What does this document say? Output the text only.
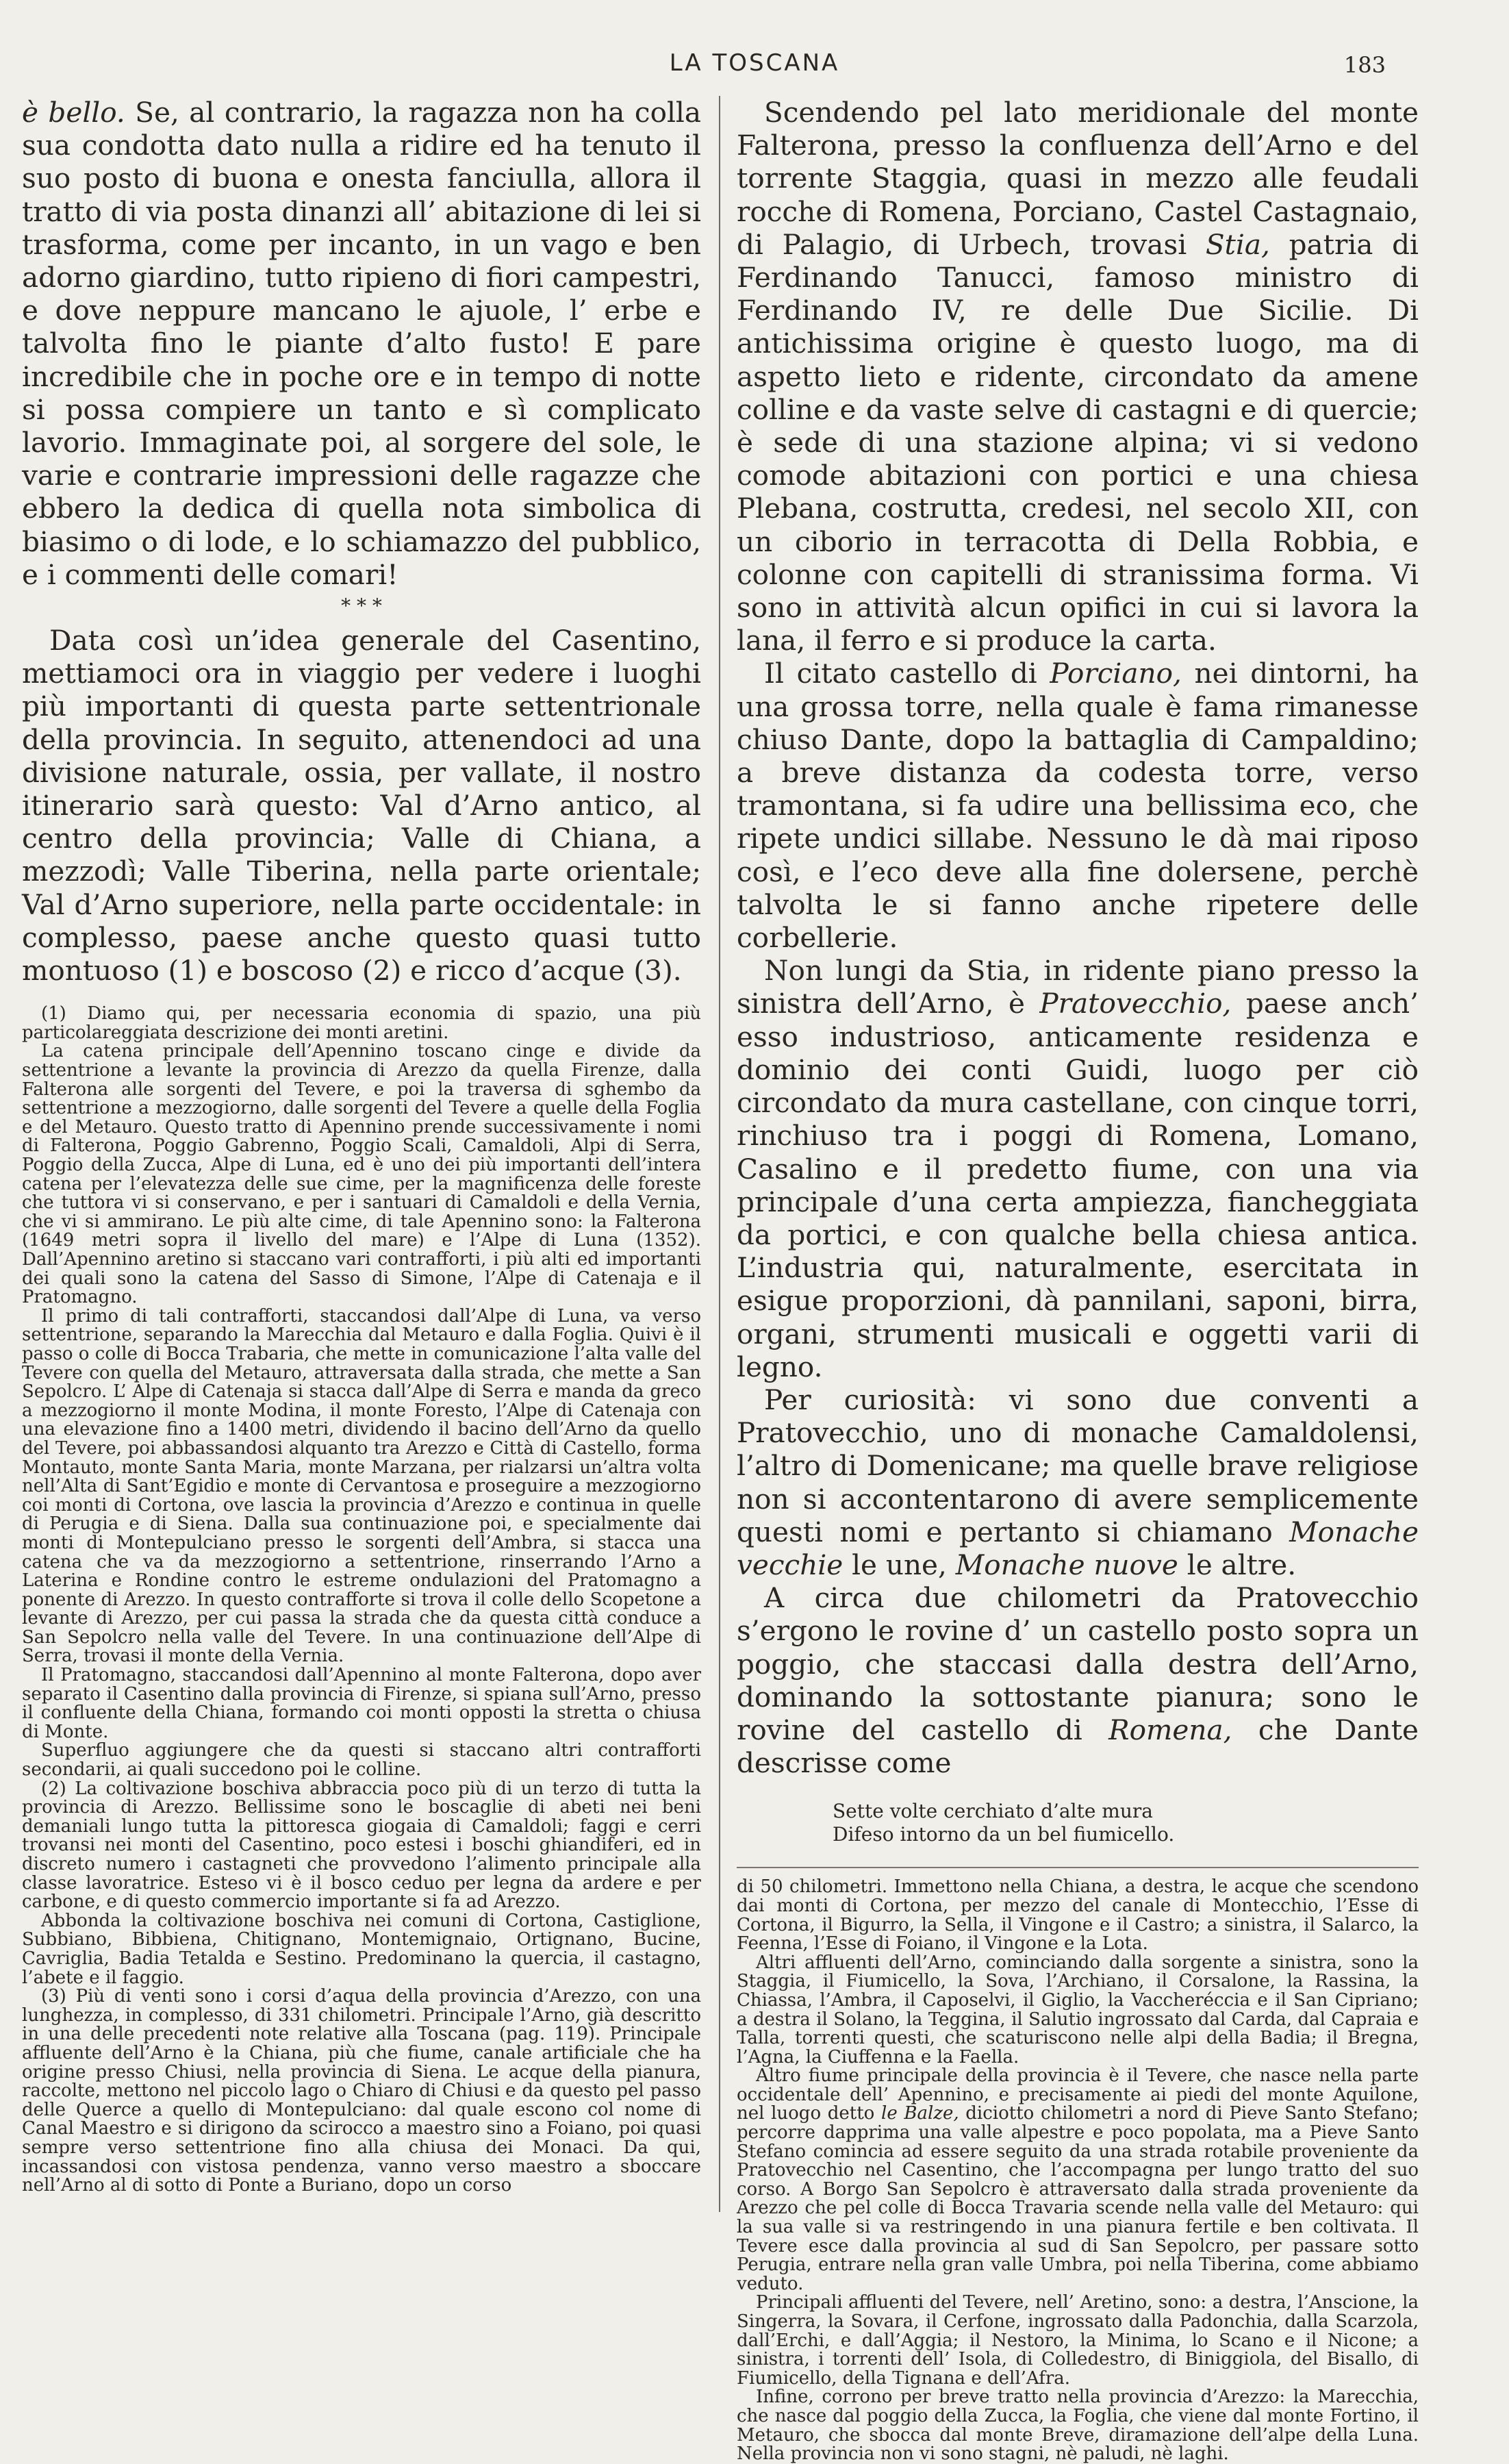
LA TOSCANA	183

è bello. Se, al contrario, la ragazza non ha colla sua condotta dato nulla a ridire ed ha tenuto il suo posto di buona e onesta fanciulla, allora il tratto di via posta dinanzi all’ abitazione di lei si trasforma, come per incanto, in un vago e ben adorno giardino, tutto ripieno di fiori campestri, e dove neppure mancano le ajuole, l’ erbe e talvolta fino le piante d’alto fusto! E pare incredibile che in poche ore e in tempo di notte si possa compiere un tanto e sì complicato lavorio. Immaginate poi, al sorgere del sole, le varie e contrarie impressioni delle ragazze che ebbero la dedica di quella nota simbolica di biasimo o di lode, e lo schiamazzo del pubblico, e i commenti delle comari!

* * *

Data così un’idea generale del Casentino, mettiamoci ora in viaggio per vedere i luoghi più importanti di questa parte settentrionale della provincia. In seguito, attenendoci ad una divisione naturale, ossia, per vallate, il nostro itinerario sarà questo: Val d’Arno antico, al centro della provincia; Valle di Chiana, a mezzodì; Valle Tiberina, nella parte orientale; Val d’Arno superiore, nella parte occidentale: in complesso, paese anche questo quasi tutto montuoso (1) e boscoso (2) e ricco d’acque (3).

(1) Diamo qui, per necessaria economia di spazio, una più particolareggiata descrizione dei monti aretini.

La catena principale dell’Apennino toscano cinge e divide da settentrione a levante la provincia di Arezzo da quella Firenze, dalla Falterona alle sorgenti del Tevere, e poi la traversa di sghembo da settentrione a mezzogiorno, dalle sorgenti del Tevere a quelle della Foglia e del Metauro. Questo tratto di Apennino prende successivamente i nomi di Falterona, Poggio Gabrenno, Poggio Scali, Camaldoli, Alpi di Serra, Poggio della Zucca, Alpe di Luna, ed è uno dei più importanti dell’intera catena per l’elevatezza delle sue cime, per la magnificenza delle foreste che tuttora vi si conservano, e per i santuari di Camaldoli e della Vernia, che vi si ammirano. Le più alte cime, di tale Apennino sono: la Falterona (1649 metri sopra il livello del mare) e l’Alpe di Luna (1352). Dall’Apennino aretino si staccano vari contrafforti, i più alti ed importanti dei quali sono la catena del Sasso di Simone, l’Alpe di Catenaja e il Pratomagno.

Il primo di tali contrafforti, staccandosi dall’Alpe di Luna, va verso settentrione, separando la Marecchia dal Metauro e dalla Foglia. Quivi è il passo o colle di Bocca Trabaria, che mette in comunicazione l’alta valle del Tevere con quella del Metauro, attraversata dalla strada, che mette a San Sepolcro. L’ Alpe di Catenaja si stacca dall’Alpe di Serra e manda da greco a mezzogiorno il monte Modina, il monte Foresto, l’Alpe di Catenaja con una elevazione fino a 1400 metri, dividendo il bacino dell’Arno da quello del Tevere, poi abbassandosi alquanto tra Arezzo e Città di Castello, forma Montauto, monte Santa Maria, monte Marzana, per rialzarsi un’altra volta nell’Alta di Sant’Egidio e monte di Cervantosa e proseguire a mezzogiorno coi monti di Cortona, ove lascia la provincia d’Arezzo e continua in quelle di Perugia e di Siena. Dalla sua continuazione poi, e specialmente dai monti di Montepulciano presso le sorgenti dell’Ambra, si stacca una catena che va da mezzogiorno a settentrione, rinserrando l’Arno a Laterina e Rondine contro le estreme ondulazioni del Pratomagno a ponente di Arezzo. In questo contrafforte si trova il colle dello Scopetone a levante di Arezzo, per cui passa la strada che da questa città conduce a San Sepolcro nella valle del Tevere. In una continuazione dell’Alpe di Serra, trovasi il monte della Vernia.

Il Pratomagno, staccandosi dall’Apennino al monte Falterona, dopo aver separato il Casentino dalla provincia di Firenze, si spiana sull’Arno, presso il confluente della Chiana, formando coi monti opposti la stretta o chiusa di Monte.

Superfluo aggiungere che da questi si staccano altri contrafforti secondarii, ai quali succedono poi le colline.

(2) La coltivazione boschiva abbraccia poco più di un terzo di tutta la provincia di Arezzo. Bellissime sono le boscaglie di abeti nei beni demaniali lungo tutta la pittoresca giogaia di Camaldoli; faggi e cerri trovansi nei monti del Casentino, poco estesi i boschi ghiandiferi, ed in discreto numero i castagneti che provvedono l’alimento principale alla classe lavoratrice. Esteso vi è il bosco ceduo per legna da ardere e per carbone, e di questo commercio importante si fa ad Arezzo.

Abbonda la coltivazione boschiva nei comuni di Cortona, Castiglione, Subbiano, Bibbiena, Chitignano, Montemignaio, Ortignano, Bucine, Cavriglia, Badia Tetalda e Sestino. Predominano la quercia, il castagno, l’abete e il faggio.

(3) Più di venti sono i corsi d’aqua della provincia d’Arezzo, con una lunghezza, in complesso, di 331 chilometri. Principale l’Arno, già descritto in una delle precedenti note relative alla Toscana (pag. 119). Principale affluente dell’Arno è la Chiana, più che fiume, canale artificiale che ha origine presso Chiusi, nella provincia di Siena. Le acque della pianura, raccolte, mettono nel piccolo lago o Chiaro di Chiusi e da questo pel passo delle Querce a quello di Montepulciano: dal quale escono col nome di Canal Maestro e si dirigono da scirocco a maestro sino a Foiano, poi quasi sempre verso settentrione fino alla chiusa dei Monaci. Da qui, incassandosi con vistosa pendenza, vanno verso maestro a sboccare nell’Arno al di sotto di Ponte a Buriano, dopo un corso

Scendendo pel lato meridionale del monte Falterona, presso la confluenza dell’Arno e del torrente Staggia, quasi in mezzo alle feudali rocche di Romena, Porciano, Castel Castagnaio, di Palagio, di Urbech, trovasi Stia, patria di Ferdinando Tanucci, famoso ministro di Ferdinando IV, re delle Due Sicilie. Di antichissima origine è questo luogo, ma di aspetto lieto e ridente, circondato da amene colline e da vaste selve di castagni e di quercie; è sede di una stazione alpina; vi si vedono comode abitazioni con portici e una chiesa Plebana, costrutta, credesi, nel secolo XII, con un ciborio in terracotta di Della Robbia, e colonne con capitelli di stranissima forma. Vi sono in attività alcun opifici in cui si lavora la lana, il ferro e si produce la carta.

Il citato castello di Porciano, nei dintorni, ha una grossa torre, nella quale è fama rimanesse chiuso Dante, dopo la battaglia di Campaldino; a breve distanza da codesta torre, verso tramontana, si fa udire una bellissima eco, che ripete undici sillabe. Nessuno le dà mai riposo così, e l’eco deve alla fine dolersene, perchè talvolta le si fanno anche ripetere delle corbellerie.

Non lungi da Stia, in ridente piano presso la sinistra dell’Arno, è Pratovecchio, paese anch’ esso industrioso, anticamente residenza e dominio dei conti Guidi, luogo per ciò circondato da mura castellane, con cinque torri, rinchiuso tra i poggi di Romena, Lomano, Casalino e il predetto fiume, con una via principale d’una certa ampiezza, fiancheggiata da portici, e con qualche bella chiesa antica. L’industria qui, naturalmente, esercitata in esigue proporzioni, dà pannilani, saponi, birra, organi, strumenti musicali e oggetti varii di legno.

Per curiosità: vi sono due conventi a Pratovecchio, uno di monache Camaldolensi, l’altro di Domenicane; ma quelle brave religiose non si accontentarono di avere semplicemente questi nomi e pertanto si chiamano Monache vecchie le une, Monache nuove le altre.

A circa due chilometri da Pratovecchio s’ergono le rovine d’ un castello posto sopra un poggio, che staccasi dalla destra dell’Arno, dominando la sottostante pianura; sono le rovine del castello di Romena, che Dante descrisse come

Sette volte cerchiato d’alte mura

Difeso intorno da un bel fiumicello.

di 50 chilometri. Immettono nella Chiana, a destra, le acque che scendono dai monti di Cortona, per mezzo del canale di Montecchio, l’Esse di Cortona, il Bigurro, la Sella, il Vingone e il Castro; a sinistra, il Salarco, la Feenna, l’Esse di Foiano, il Vingone e la Lota.

Altri affluenti dell’Arno, cominciando dalla sorgente a sinistra, sono la Staggia, il Fiumicello, la Sova, l’Archiano, il Corsalone, la Rassina, la Chiassa, l’Ambra, il Caposelvi, il Giglio, la Vaccheréccia e il San Cipriano; a destra il Solano, la Teggina, il Salutio ingrossato dal Carda, dal Capraia e Talla, torrenti questi, che scaturiscono nelle alpi della Badia; il Bregna, l’Agna, la Ciuffenna e la Faella.

Altro fiume principale della provincia è il Tevere, che nasce nella parte occidentale dell’ Apennino, e precisamente ai piedi del monte Aquilone, nel luogo detto le Balze, diciotto chilometri a nord di Pieve Santo Stefano; percorre dapprima una valle alpestre e poco popolata, ma a Pieve Santo Stefano comincia ad essere seguito da una strada rotabile proveniente da Pratovecchio nel Casentino, che l’accompagna per lungo tratto del suo corso. A Borgo San Sepolcro è attraversato dalla strada proveniente da Arezzo che pel colle di Bocca Travaria scende nella valle del Metauro: qui la sua valle si va restringendo in una pianura fertile e ben coltivata. Il Tevere esce dalla provincia al sud di San Sepolcro, per passare sotto Perugia, entrare nella gran valle Umbra, poi nella Tiberina, come abbiamo veduto.

Principali affluenti del Tevere, nell’ Aretino, sono: a destra, l’Anscione, la Singerra, la Sovara, il Cerfone, ingrossato dalla Padonchia, dalla Scarzola, dall’Erchi, e dall’Aggia; il Nestoro, la Minima, lo Scano e il Nicone; a sinistra, i torrenti dell’ Isola, di Colledestro, di Biniggiola, del Bisallo, di Fiumicello, della Tignana e dell’Afra.

Infine, corrono per breve tratto nella provincia d’Arezzo: la Marecchia, che nasce dal poggio della Zucca, la Foglia, che viene dal monte Fortino, il Metauro, che sbocca dal monte Breve, diramazione dell’alpe della Luna. Nella provincia non vi sono stagni, nè paludi, nè laghi.
